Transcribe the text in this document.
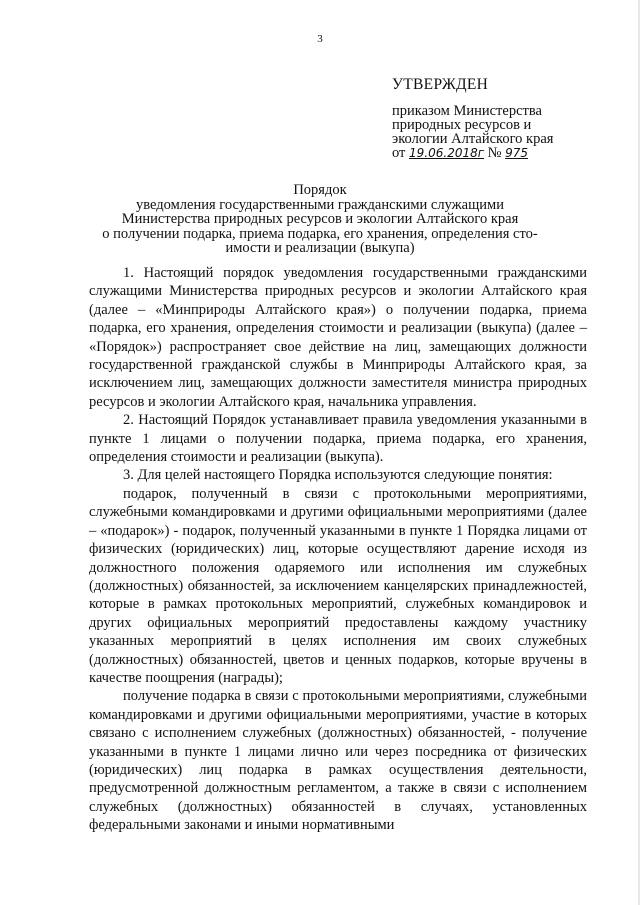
3
УТВЕРЖДЕН
приказом Министерства
природных ресурсов и
экологии Алтайского края
от 19.06.2018г № 975
Порядок
уведомления государственными гражданскими служащими
Министерства природных ресурсов и экологии Алтайского края
о получении подарка, приема подарка, его хранения, определения сто-
имости и реализации (выкупа)

1. Настоящий порядок уведомления государственными гражданскими служащими Министерства природных ресурсов и экологии Алтайского края (далее – «Минприроды Алтайского края») о получении подарка, приема подарка, его хранения, определения стоимости и реализации (выкупа) (далее – «Порядок») распространяет свое действие на лиц, замещающих должности государственной гражданской службы в Минприроды Алтайского края, за исключением лиц, замещающих должности заместителя министра природных ресурсов и экологии Алтайского края, начальника управления.

2. Настоящий Порядок устанавливает правила уведомления указанными в пункте 1 лицами о получении подарка, приема подарка, его хранения, определения стоимости и реализации (выкупа).

3. Для целей настоящего Порядка используются следующие понятия:

подарок, полученный в связи с протокольными мероприятиями, служебными командировками и другими официальными мероприятиями (далее – «подарок») - подарок, полученный указанными в пункте 1 Порядка лицами от физических (юридических) лиц, которые осуществляют дарение исходя из должностного положения одаряемого или исполнения им служебных (должностных) обязанностей, за исключением канцелярских принадлежностей, которые в рамках протокольных мероприятий, служебных командировок и других официальных мероприятий предоставлены каждому участнику указанных мероприятий в целях исполнения им своих служебных (должностных) обязанностей, цветов и ценных подарков, которые вручены в качестве поощрения (награды);

получение подарка в связи с протокольными мероприятиями, служебными командировками и другими официальными мероприятиями, участие в которых связано с исполнением служебных (должностных) обязанностей, - получение указанными в пункте 1 лицами лично или через посредника от физических (юридических) лиц подарка в рамках осуществления деятельности, предусмотренной должностным регламентом, а также в связи с исполнением служебных (должностных) обязанностей в случаях, установленных федеральными законами и иными нормативными
